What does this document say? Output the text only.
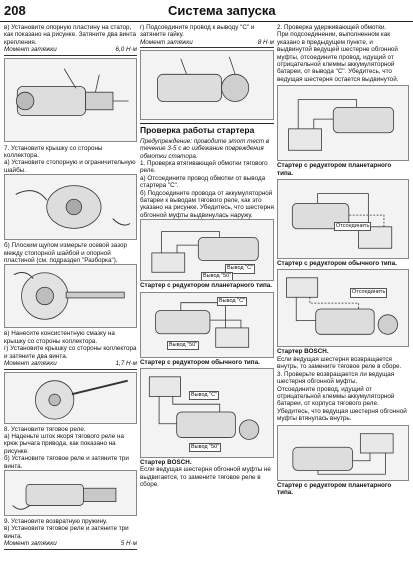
208	Система запуска

в) Установите опорную пластину на статор, как показано на рисунке. Затяните два винта крепления.

Момент затяжки	6,0 Н·м

7. Установите крышку со стороны коллектора.

а) Установите стопорную и ограничительную шайбы.

б) Плоским щупом измерьте осевой зазор между стопорной шайбой и опорной пластиной (см. подраздел "Разборка").

в) Нанесите консистентную смазку на крышку со стороны коллектора.

г) Установите крышку со стороны коллектора и затяните два винта.

Момент затяжки	1,7 Н·м

8. Установите тяговое реле.

а) Наденьте шток якоря тягового реле на крюк рычага привода, как показано на рисунке.

б) Установите тяговое реле и затяните три винта.

9. Установите возвратную пружину.

в) Установите тяговое реле и затяните три винта.

Момент затяжки	5 Н·м

г) Подсоедините провод к выводу "С" и затяните гайку.

Момент затяжки	8 Н·м
Проверка работы стартера

Предупреждение: проводите этот тест в течение 3-5 с во избежание повреждения обмотки статора.

1. Проверка втягивающей обмотки тягового реле.

а) Отсоедините провод обмотки от вывода стартера "С".

б) Подсоедините провода от аккумуляторной батареи к выводам тягового реле, как это указано на рисунке. Убедитесь, что шестерня обгонной муфты выдвинулась наружу.

Вывод "С"
Вывод "50"
Стартер с редуктором планетарного типа.
Вывод "С"
Вывод "50"
Стартер с редуктором обычного типа.
Вывод "С"
Вывод "50"
Стартер BOSCH.

Если ведущая шестерня обгонной муфты не выдвигается, то замените тяговое реле в сборе.

2. Проверка удерживающей обмотки.

При подсоединении, выполненном как указано в предыдущем пункте, и выдвинутой ведущей шестерне обгонной муфты, отсоедините провод, идущий от отрицательной клеммы аккумуляторной батареи, от вывода "С". Убедитесь, что ведущая шестерня остается выдвинутой.

Стартер с редуктором планетарного типа.
Отсоединить
Стартер с редуктором обычного типа.
Отсоединить
Стартер BOSCH.

Если ведущая шестерня возвращается внутрь, то замените тяговое реле в сборе.

3. Проверьте возвращается ли ведущая шестерня обгонной муфты.

Отсоедините провод, идущий от отрицательной клеммы аккумуляторной батареи, от корпуса тягового реле. Убедитесь, что ведущая шестерня обгонной муфты втянулась внутрь.

Стартер с редуктором планетарного типа.
